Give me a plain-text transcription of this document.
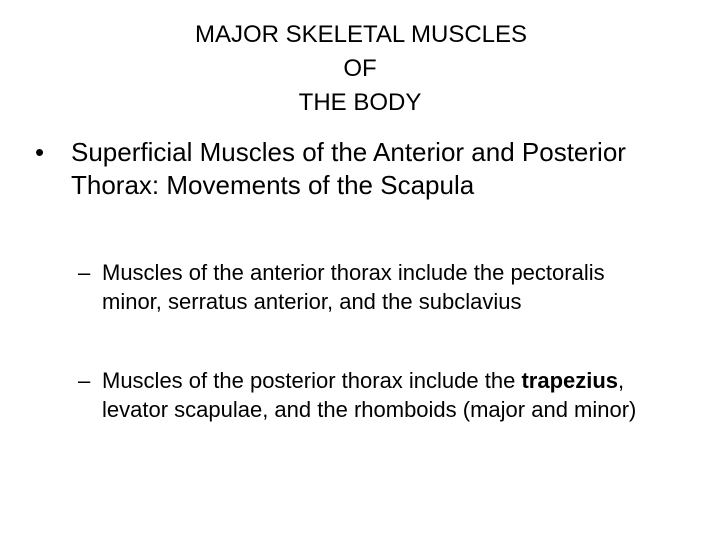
MAJOR SKELETAL MUSCLES
OF
THE BODY
• Superficial Muscles of the Anterior and Posterior Thorax: Movements of the Scapula
– Muscles of the anterior thorax include the pectoralis minor, serratus anterior, and the subclavius
– Muscles of the posterior thorax include the trapezius, levator scapulae, and the rhomboids (major and minor)
